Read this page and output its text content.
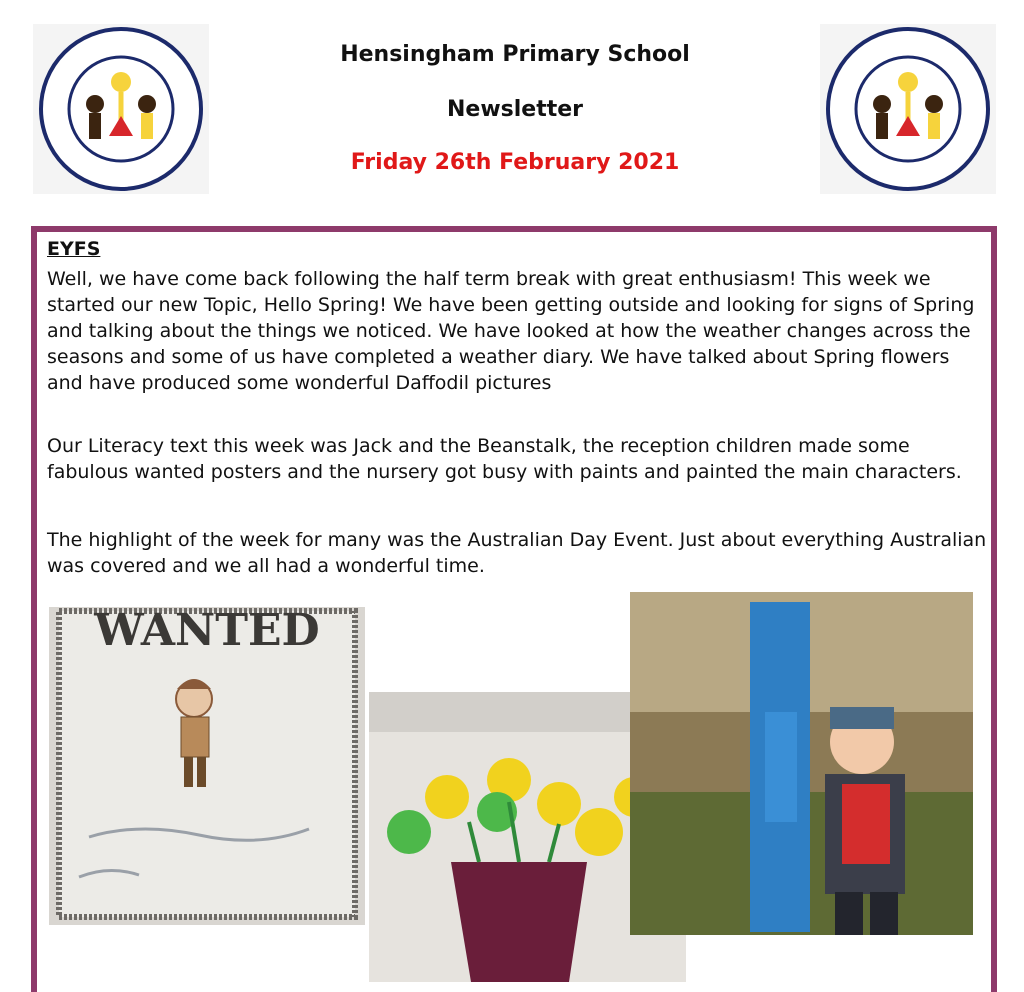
Hensingham Primary School
Newsletter
Friday 26th February 2021
EYFS

Well, we have come back following the half term break with great enthusiasm! This week we started our new Topic, Hello Spring! We have been getting outside and looking for signs of Spring and talking about the things we noticed. We have looked at how the weather changes across the seasons and some of us have completed a weather diary. We have talked about Spring flowers and have produced some wonderful Daffodil pictures

Our Literacy text this week was Jack and the Beanstalk, the reception children made some fabulous wanted posters and the nursery got busy with paints and painted the main characters.

The highlight of the week for many was the Australian Day Event. Just about everything Australian was covered and we all had a wonderful time.

WANTED
